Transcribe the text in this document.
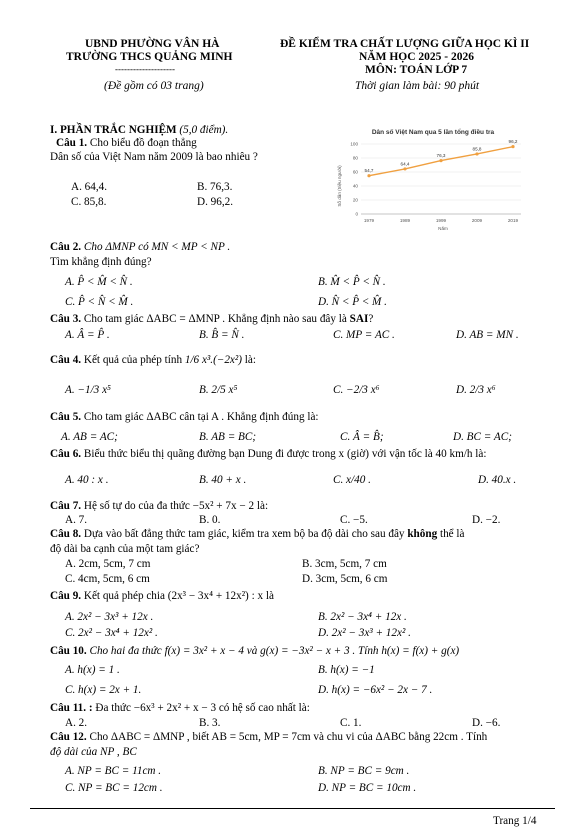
UBND PHƯỜNG VÂN HÀ
TRƯỜNG THCS QUẢNG MINH
--------------------
(Đề gồm có 03 trang)
ĐỀ KIỂM TRA CHẤT LƯỢNG GIỮA HỌC KÌ II
NĂM HỌC 2025 - 2026
MÔN: TOÁN LỚP 7
Thời gian làm bài: 90 phút
I. PHẦN TRẮC NGHIỆM (5,0 điểm).
Câu 1. Cho biểu đồ đoạn thẳng
Dân số của Việt Nam năm 2009 là bao nhiêu ?
A. 64,4.	B. 76,3.
C. 85,8.	D. 96,2.
Dân số Việt Nam qua 5 lần tổng điều tra
Số dân (triệu người)
Năm
0
20
40
60
80
100
1979	1989	1999	2009	2019
54,7
64,4
76,3
85,8
96,2
Câu 2. Cho ΔMNP có MN < MP < NP .
Tìm khẳng định đúng?
A. P̂ < M̂ < N̂ .	B. M̂ < P̂ < N̂ .
C. P̂ < N̂ < M̂ .	D. N̂ < P̂ < M̂ .
Câu 3. Cho tam giác ΔABC = ΔMNP . Khẳng định nào sau đây là SAI?
A. Â = P̂ .	B. B̂ = N̂ .	C. MP = AC .	D. AB = MN .
Câu 4. Kết quả của phép tính 1/6 x³.(−2x²) là:
A. −1/3 x⁵	B. 2/5 x⁵	C. −2/3 x⁶	D. 2/3 x⁶
Câu 5. Cho tam giác ΔABC cân tại A . Khẳng định đúng là:
A. AB = AC;	B. AB = BC;	C. Â = B̂;	D. BC = AC;
Câu 6. Biểu thức biểu thị quãng đường bạn Dung đi được trong x (giờ) với vận tốc là 40 km/h là:
A. 40 : x .	B. 40 + x .	C. x/40 .	D. 40.x .
Câu 7. Hệ số tự do của đa thức −5x² + 7x − 2 là:
A. 7.	B. 0.	C. −5.	D. −2.
Câu 8. Dựa vào bất đẳng thức tam giác, kiểm tra xem bộ ba độ dài cho sau đây không thể là
độ dài ba cạnh của một tam giác?
A. 2cm, 5cm, 7 cm	B. 3cm, 5cm, 7 cm
C. 4cm, 5cm, 6 cm	D. 3cm, 5cm, 6 cm
Câu 9. Kết quả phép chia (2x³ − 3x⁴ + 12x²) : x là
A. 2x² − 3x³ + 12x .	B. 2x² − 3x⁴ + 12x .
C. 2x² − 3x⁴ + 12x² .	D. 2x² − 3x³ + 12x² .
Câu 10. Cho hai đa thức f(x) = 3x² + x − 4 và g(x) = −3x² − x + 3 . Tính h(x) = f(x) + g(x)
A. h(x) = 1 .	B. h(x) = −1
C. h(x) = 2x + 1.	D. h(x) = −6x² − 2x − 7 .
Câu 11. : Đa thức −6x³ + 2x² + x − 3 có hệ số cao nhất là:
A. 2.	B. 3.	C. 1.	D. −6.
Câu 12. Cho ΔABC = ΔMNP , biết AB = 5cm, MP = 7cm và chu vi của ΔABC bằng 22cm . Tính
độ dài của NP , BC
A. NP = BC = 11cm .	B. NP = BC = 9cm .
C. NP = BC = 12cm .	D. NP = BC = 10cm .
Trang 1/4
